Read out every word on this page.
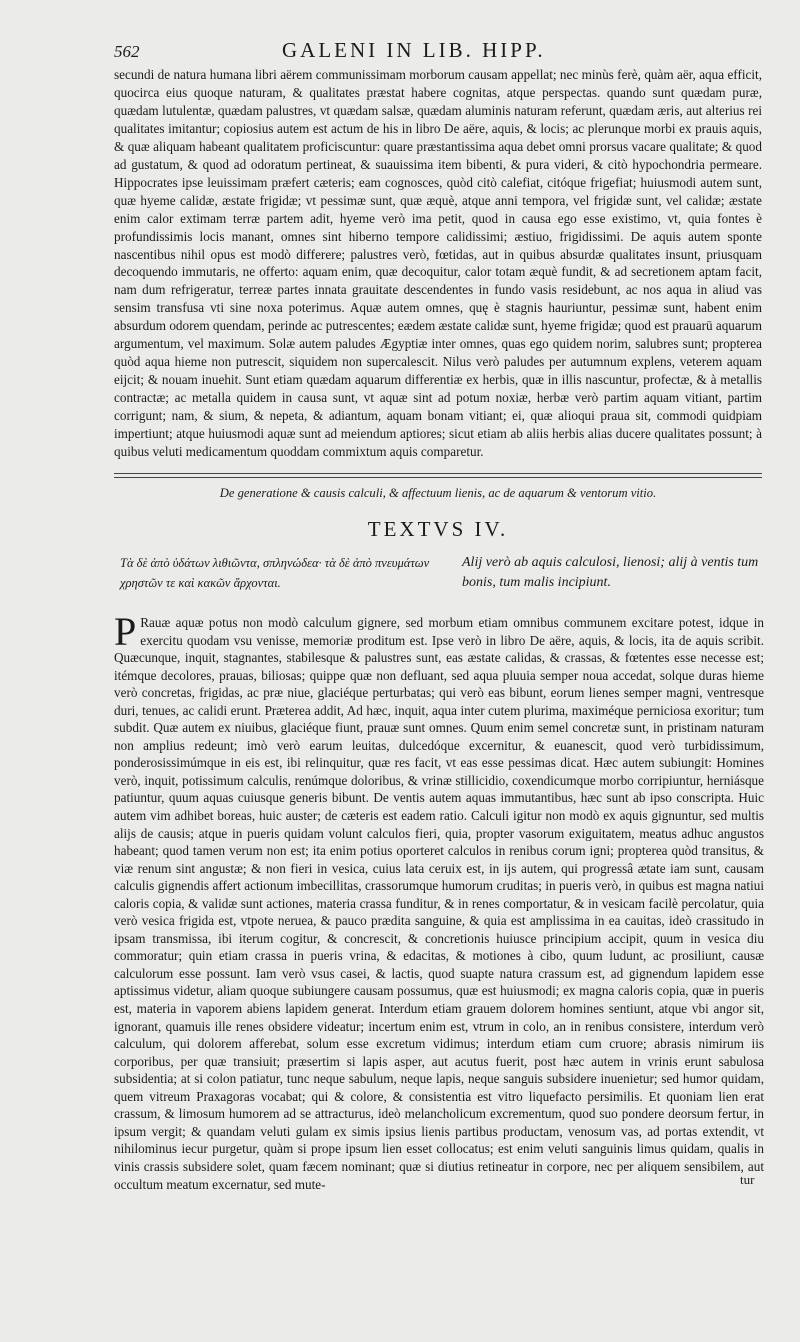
562	GALENI IN LIB. HIPP.

secundi de natura humana libri aërem communissimam morborum causam appellat; nec minùs ferè, quàm aër, aqua efficit, quocirca eius quoque naturam, & qualitates præstat habere cognitas, atque perspectas. quando sunt quædam puræ, quædam lutulentæ, quædam palustres, vt quædam salsæ, quædam aluminis naturam referunt, quædam æris, aut alterius rei qualitates imitantur; copiosius autem est actum de his in libro De aëre, aquis, & locis; ac plerunque morbi ex prauis aquis, & quæ aliquam habeant qualitatem proficiscuntur: quare præstantissima aqua debet omni prorsus vacare qualitate; & quod ad gustatum, & quod ad odoratum pertineat, & suauissima item bibenti, & pura videri, & citò hypochondria permeare. Hippocrates ipse leuissimam præfert cæteris; eam cognosces, quòd citò calefiat, citóque frigefiat; huiusmodi autem sunt, quæ hyeme calidæ, æstate frigidæ; vt pessimæ sunt, quæ æquè, atque anni tempora, vel frigidæ sunt, vel calidæ; æstate enim calor extimam terræ partem adit, hyeme verò ima petit, quod in causa ego esse existimo, vt, quia fontes è profundissimis locis manant, omnes sint hiberno tempore calidissimi; æstiuo, frigidissimi. De aquis autem sponte nascentibus nihil opus est modò differere; palustres verò, fœtidas, aut in quibus absurdæ qualitates insunt, priusquam decoquendo immutaris, ne offerto: aquam enim, quæ decoquitur, calor totam æquè fundit, & ad secretionem aptam facit, nam dum refrigeratur, terreæ partes innata grauitate descendentes in fundo vasis residebunt, ac nos aqua in aliud vas sensim transfusa vti sine noxa poterimus. Aquæ autem omnes, quę è stagnis hauriuntur, pessimæ sunt, habent enim absurdum odorem quendam, perinde ac putrescentes; eædem æstate calidæ sunt, hyeme frigidæ; quod est prauarū aquarum argumentum, vel maximum. Solæ autem paludes Ægyptiæ inter omnes, quas ego quidem norim, salubres sunt; propterea quòd aqua hieme non putrescit, siquidem non supercalescit. Nilus verò paludes per autumnum explens, veterem aquam eijcit; & nouam inuehit. Sunt etiam quædam aquarum differentiæ ex herbis, quæ in illis nascuntur, profectæ, & à metallis contractæ; ac metalla quidem in causa sunt, vt aquæ sint ad potum noxiæ, herbæ verò partim aquam vitiant, partim corrigunt; nam, & sium, & nepeta, & adiantum, aquam bonam vitiant; ei, quæ alioqui praua sit, commodi quidpiam impertiunt; atque huiusmodi aquæ sunt ad meiendum aptiores; sicut etiam ab aliis herbis alias ducere qualitates possunt; à quibus veluti medicamentum quoddam commixtum aquis comparetur.

De generatione & causis calculi, & affectuum lienis, ac de aquarum & ventorum vitio.
TEXTVS IV.

Τὰ δὲ ἀπὸ ὑδάτων λιθιῶντα, σπληνώδεα· τὰ δὲ ἀπὸ πνευμάτων χρηστῶν τε καὶ κακῶν ἄρχονται.

Alij verò ab aquis calculosi, lienosi; alij à ventis tum bonis, tum malis incipiunt.

P Rauæ aquæ potus non modò calculum gignere, sed morbum etiam omnibus communem excitare potest, idque in exercitu quodam vsu venisse, memoriæ proditum est. Ipse verò in libro De aëre, aquis, & locis, ita de aquis scribit. Quæcunque, inquit, stagnantes, stabilesque & palustres sunt, eas æstate calidas, & crassas, & fœtentes esse necesse est; itémque decolores, prauas, biliosas; quippe quæ non defluant, sed aqua pluuia semper noua accedat, solque duras hieme verò concretas, frigidas, ac præ niue, glaciéque perturbatas; qui verò eas bibunt, eorum lienes semper magni, ventresque duri, tenues, ac calidi erunt. Præterea addit, Ad hæc, inquit, aqua inter cutem plurima, maximéque perniciosa exoritur; tum subdit. Quæ autem ex niuibus, glaciéque fiunt, prauæ sunt omnes. Quum enim semel concretæ sunt, in pristinam naturam non amplius redeunt; imò verò earum leuitas, dulcedóque excernitur, & euanescit, quod verò turbidissimum, ponderosissimúmque in eis est, ibi relinquitur, quæ res facit, vt eas esse pessimas dicat. Hæc autem subiungit: Homines verò, inquit, potissimum calculis, renúmque doloribus, & vrinæ stillicidio, coxendicumque morbo corripiuntur, herniásque patiuntur, quum aquas cuiusque generis bibunt. De ventis autem aquas immutantibus, hæc sunt ab ipso conscripta. Huic autem vim adhibet boreas, huic auster; de cæteris est eadem ratio. Calculi igitur non modò ex aquis gignuntur, sed multis alijs de causis; atque in pueris quidam volunt calculos fieri, quia, propter vasorum exiguitatem, meatus adhuc angustos habeant; quod tamen verum non est; ita enim potius oporteret calculos in renibus corum igni; propterea quòd transitus, & viæ renum sint angustæ; & non fieri in vesica, cuius lata ceruix est, in ijs autem, qui progressâ ætate iam sunt, causam calculis gignendis affert actionum imbecillitas, crassorumque humorum cruditas; in pueris verò, in quibus est magna natiui caloris copia, & validæ sunt actiones, materia crassa funditur, & in renes comportatur, & in vesicam facilè percolatur, quia verò vesica frigida est, vtpote neruea, & pauco prædita sanguine, & quia est amplissima in ea cauitas, ideò crassitudo in ipsam transmissa, ibi iterum cogitur, & concrescit, & concretionis huiusce principium accipit, quum in vesica diu commoratur; quin etiam crassa in pueris vrina, & edacitas, & motiones à cibo, quum ludunt, ac prosiliunt, causæ calculorum esse possunt. Iam verò vsus casei, & lactis, quod suapte natura crassum est, ad gignendum lapidem esse aptissimus videtur, aliam quoque subiungere causam possumus, quæ est huiusmodi; ex magna caloris copia, quæ in pueris est, materia in vaporem abiens lapidem generat. Interdum etiam grauem dolorem homines sentiunt, atque vbi angor sit, ignorant, quamuis ille renes obsidere videatur; incertum enim est, vtrum in colo, an in renibus consistere, interdum verò calculum, qui dolorem afferebat, solum esse excretum vidimus; interdum etiam cum cruore; abrasis nimirum iis corporibus, per quæ transiuit; præsertim si lapis asper, aut acutus fuerit, post hæc autem in vrinis erunt sabulosa subsidentia; at si colon patiatur, tunc neque sabulum, neque lapis, neque sanguis subsidere inuenietur; sed humor quidam, quem vitreum Praxagoras vocabat; qui & colore, & consistentia est vitro liquefacto persimilis. Et quoniam lien erat crassum, & limosum humorem ad se attracturus, ideò melancholicum excrementum, quod suo pondere deorsum fertur, in ipsum vergit; & quandam veluti gulam ex simis ipsius lienis partibus productam, venosum vas, ad portas extendit, vt nihilominus iecur purgetur, quàm si prope ipsum lien esset collocatus; est enim veluti sanguinis limus quidam, qualis in vinis crassis subsidere solet, quam fæcem nominant; quæ si diutius retineatur in corpore, nec per aliquem sensibilem, aut occultum meatum excernatur, sed mute-	tur
